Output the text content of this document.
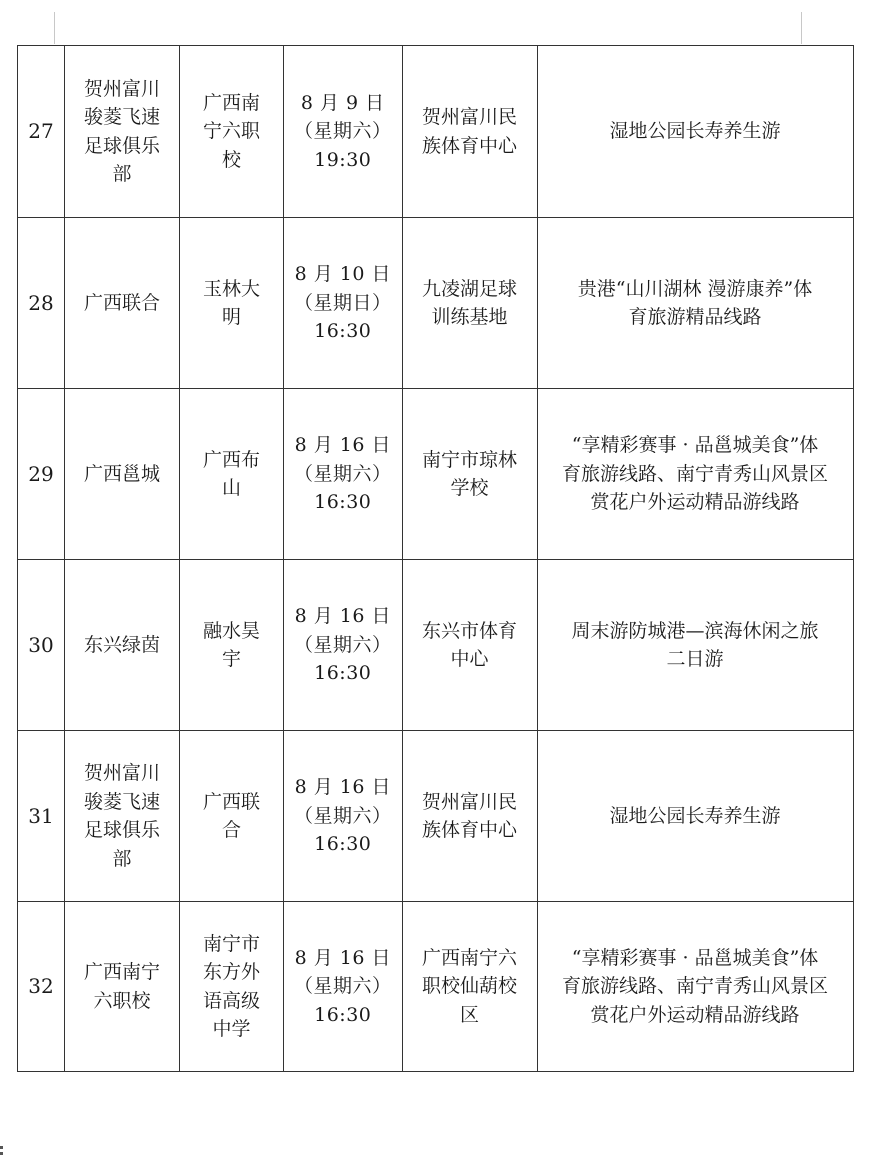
27	贺州富川
骏菱飞速
足球俱乐
部	广西南
宁六职
校	8 月 9 日
（星期六）
19:30	贺州富川民
族体育中心	湿地公园长寿养生游

28	广西联合	玉林大
明	8 月 10 日
（星期日）
16:30	九凌湖足球
训练基地	贵港“山川湖林 漫游康养”体
育旅游精品线路

29	广西邕城	广西布
山	8 月 16 日
（星期六）
16:30	南宁市琼林
学校	“享精彩赛事 · 品邕城美食”体
育旅游线路、南宁青秀山风景区
赏花户外运动精品游线路

30	东兴绿茵	融水昊
宇	8 月 16 日
（星期六）
16:30	东兴市体育
中心	周末游防城港—滨海休闲之旅
二日游

31	贺州富川
骏菱飞速
足球俱乐
部	广西联
合	8 月 16 日
（星期六）
16:30	贺州富川民
族体育中心	湿地公园长寿养生游

32	广西南宁
六职校	南宁市
东方外
语高级
中学	8 月 16 日
（星期六）
16:30	广西南宁六
职校仙葫校
区	“享精彩赛事 · 品邕城美食”体
育旅游线路、南宁青秀山风景区
赏花户外运动精品游线路
